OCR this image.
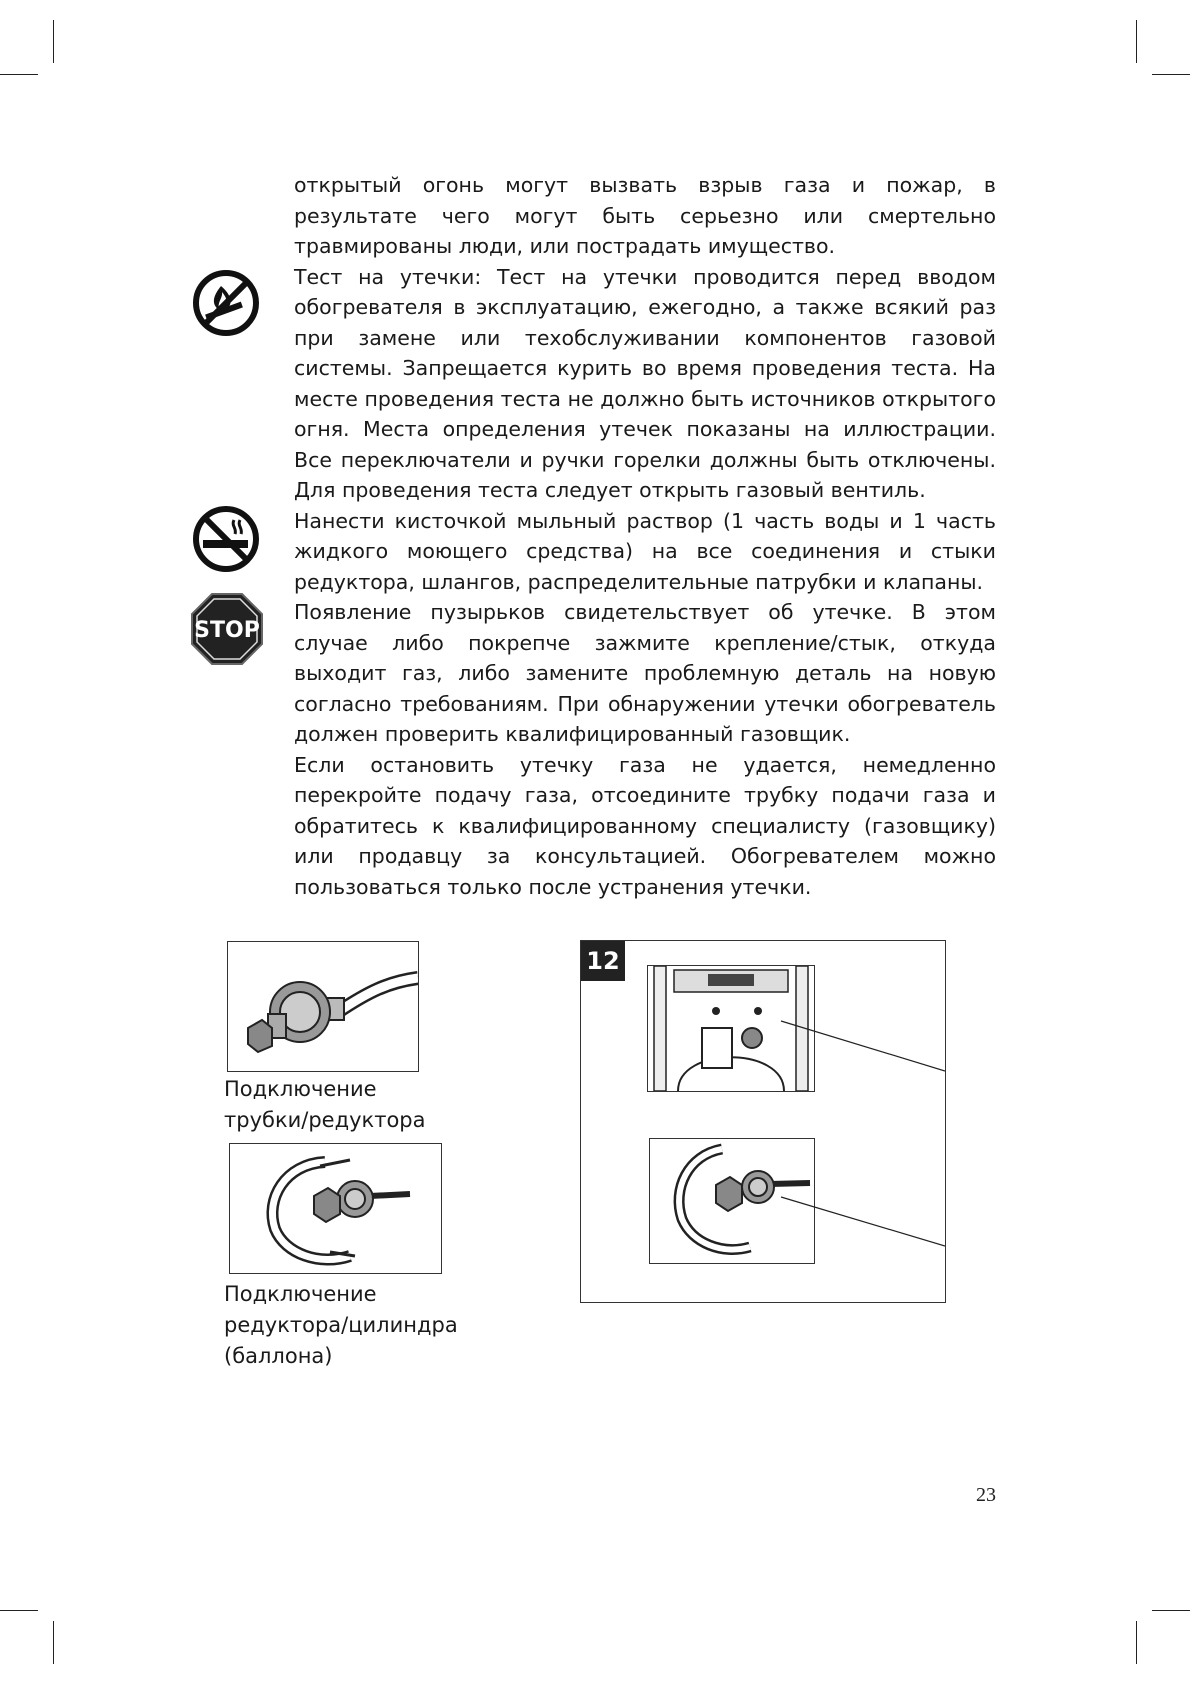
открытый огонь могут вызвать взрыв газа и пожар, в результате чего могут быть серьезно или смертельно травмированы люди, или пострадать имущество.

Тест на утечки: Тест на утечки проводится перед вводом обогревателя в эксплуатацию, ежегодно, а также всякий раз при замене или техобслуживании компонентов газовой системы. Запрещается курить во время проведения теста. На месте проведения теста не должно быть источников открытого огня. Места определения утечек показаны на иллюстрации. Все переключатели и ручки горелки должны быть отключены. Для проведения теста следует открыть газовый вентиль.

Нанести кисточкой мыльный раствор (1 часть воды и 1 часть жидкого моющего средства) на все соединения и стыки редуктора, шлангов, распределительные патрубки и клапаны.

Появление пузырьков свидетельствует об утечке. В этом случае либо покрепче зажмите крепление/стык, откуда выходит газ, либо замените проблемную деталь на новую согласно требованиям. При обнаружении утечки обогреватель должен проверить квалифицированный газовщик.

Если остановить утечку газа не удается, немедленно перекройте подачу газа, отсоедините трубку подачи газа и обратитесь к квалифицированному специалисту (газовщику) или продавцу за консультацией. Обогревателем можно пользоваться только после устранения утечки.

STOP
Подключение
трубки/редуктора
Подключение
редуктора/цилиндра
(баллона)
12
23
